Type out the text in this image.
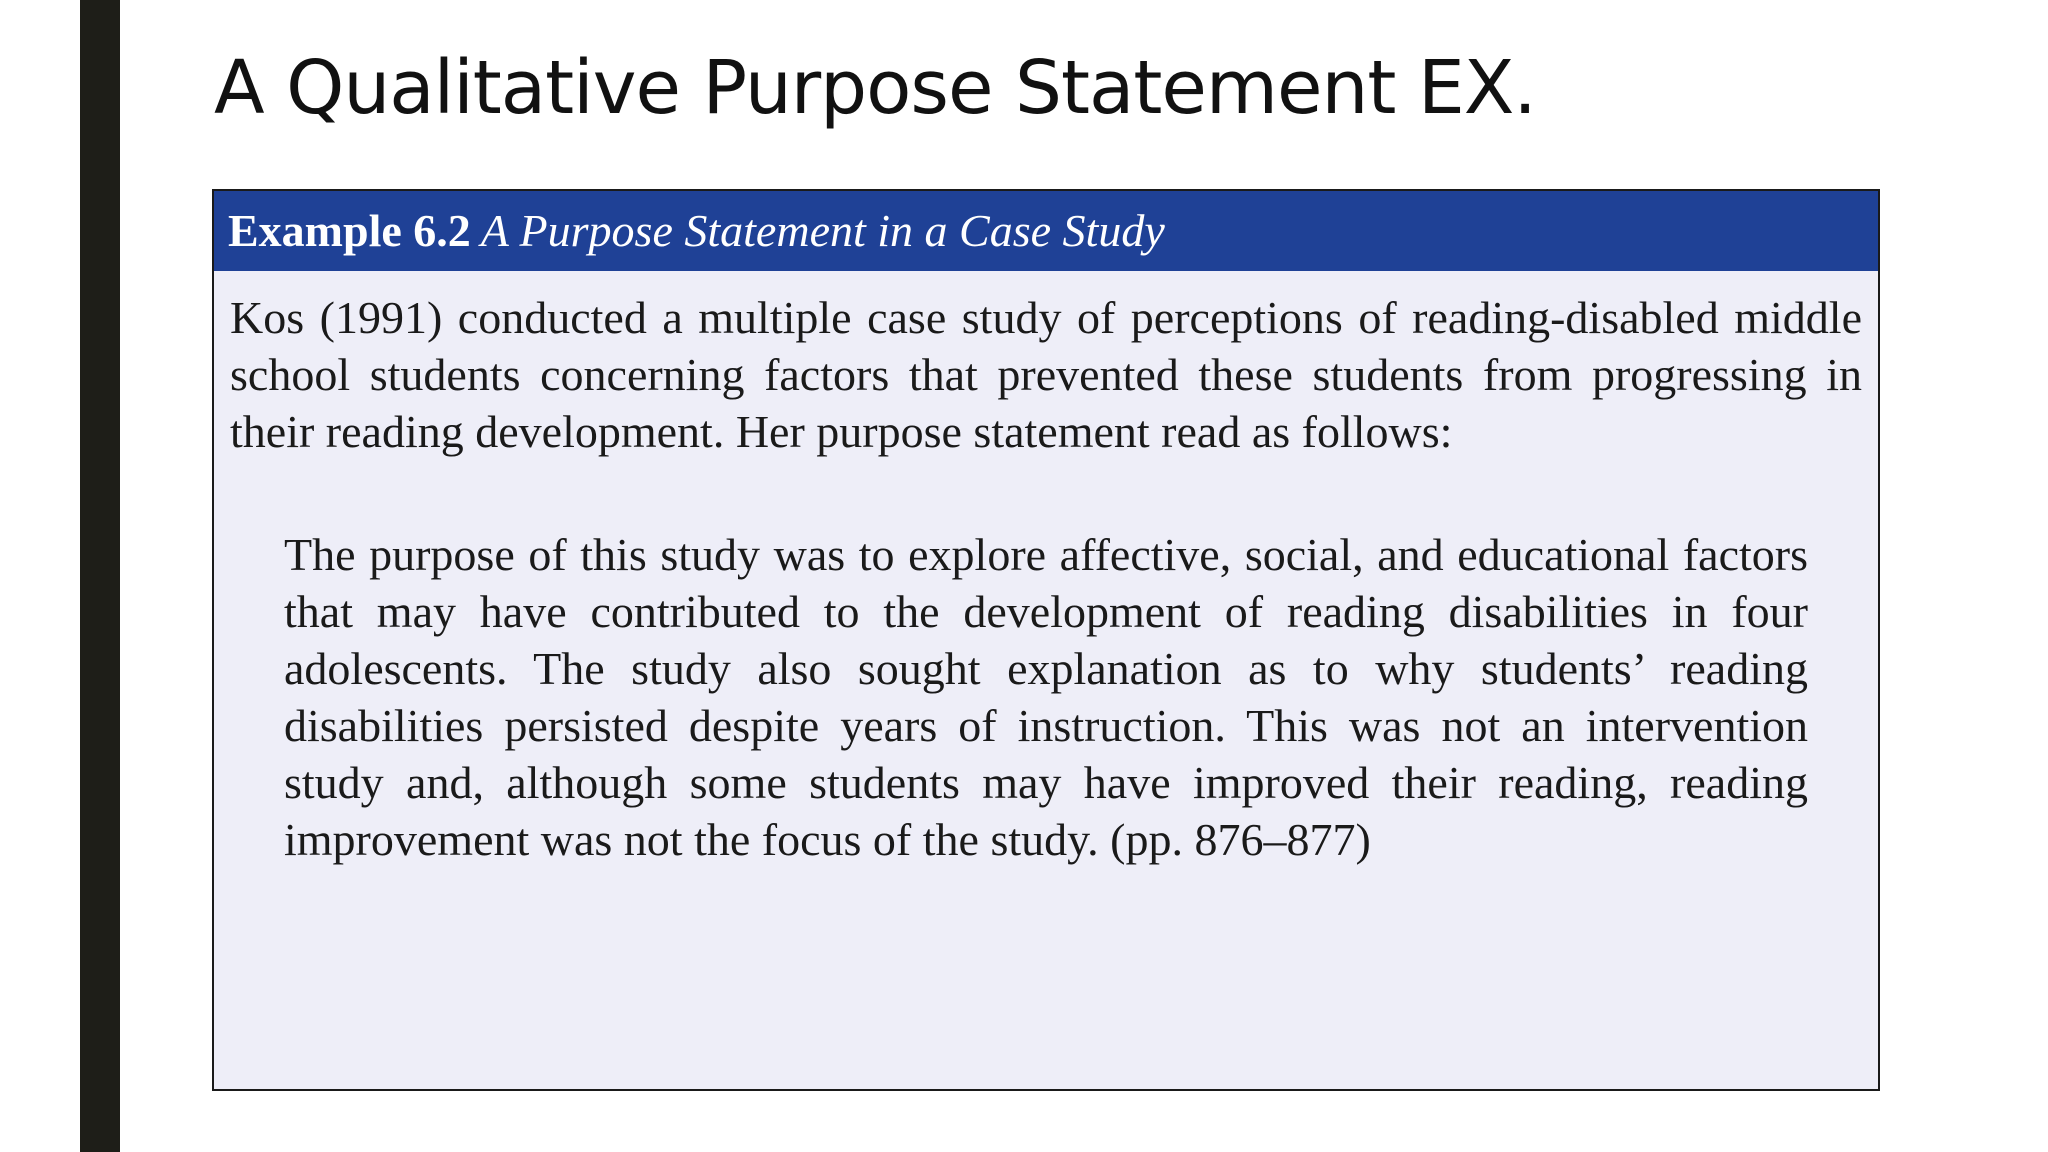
A Qualitative Purpose Statement EX.
Example 6.2 A Purpose Statement in a Case Study

Kos (1991) conducted a multiple case study of perceptions of reading-disabled middle school students concerning factors that prevented these students from progressing in their reading development. Her purpose statement read as follows:

The purpose of this study was to explore affective, social, and educational factors that may have contributed to the development of reading disabilities in four adolescents. The study also sought explanation as to why students’ reading disabilities persisted despite years of instruction. This was not an intervention study and, although some students may have improved their reading, reading improvement was not the focus of the study. (pp. 876–877)
